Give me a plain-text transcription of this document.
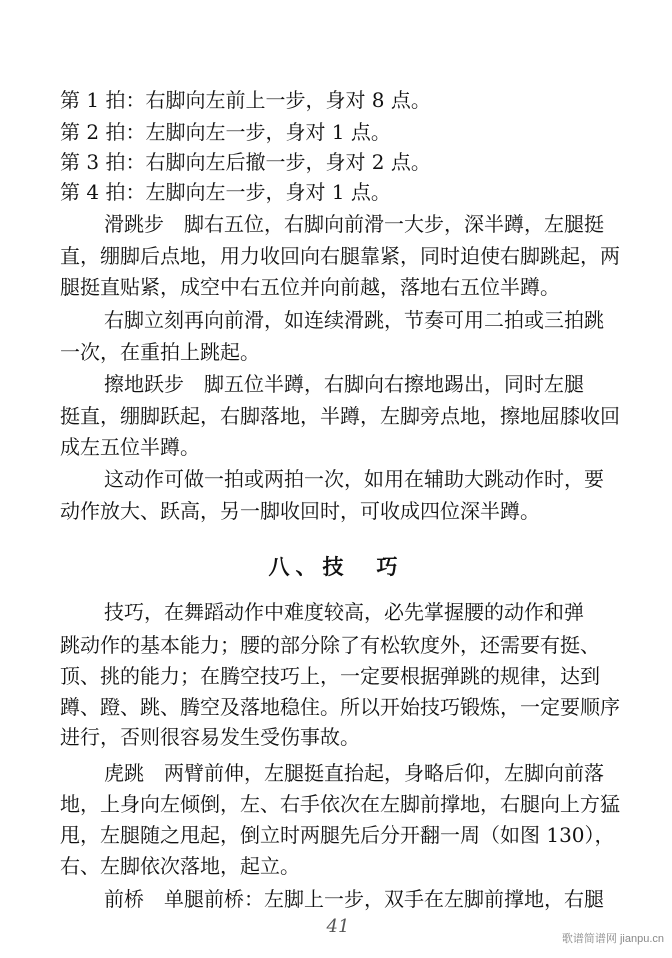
第 1 拍：右脚向左前上一步，身对 8 点。
第 2 拍：左脚向左一步，身对 1 点。
第 3 拍：右脚向左后撤一步，身对 2 点。
第 4 拍：左脚向左一步，身对 1 点。
滑跳步　脚右五位，右脚向前滑一大步，深半蹲，左腿挺
直，绷脚后点地，用力收回向右腿靠紧，同时迫使右脚跳起，两
腿挺直贴紧，成空中右五位并向前越，落地右五位半蹲。
右脚立刻再向前滑，如连续滑跳，节奏可用二拍或三拍跳
一次，在重拍上跳起。
擦地跃步　脚五位半蹲，右脚向右擦地踢出，同时左腿
挺直，绷脚跃起，右脚落地，半蹲，左脚旁点地，擦地屈膝收回
成左五位半蹲。
这动作可做一拍或两拍一次，如用在辅助大跳动作时，要
动作放大、跃高，另一脚收回时，可收成四位深半蹲。
八、技　巧
技巧，在舞蹈动作中难度较高，必先掌握腰的动作和弹
跳动作的基本能力；腰的部分除了有松软度外，还需要有挺、
顶、挑的能力；在腾空技巧上，一定要根据弹跳的规律，达到
蹲、蹬、跳、腾空及落地稳住。所以开始技巧锻炼，一定要顺序
进行，否则很容易发生受伤事故。
虎跳　两臂前伸，左腿挺直抬起，身略后仰，左脚向前落
地，上身向左倾倒，左、右手依次在左脚前撑地，右腿向上方猛
甩，左腿随之甩起，倒立时两腿先后分开翻一周（如图 130），
右、左脚依次落地，起立。
前桥　单腿前桥：左脚上一步，双手在左脚前撑地，右腿
41
歌谱简谱网 jianpu.cn
